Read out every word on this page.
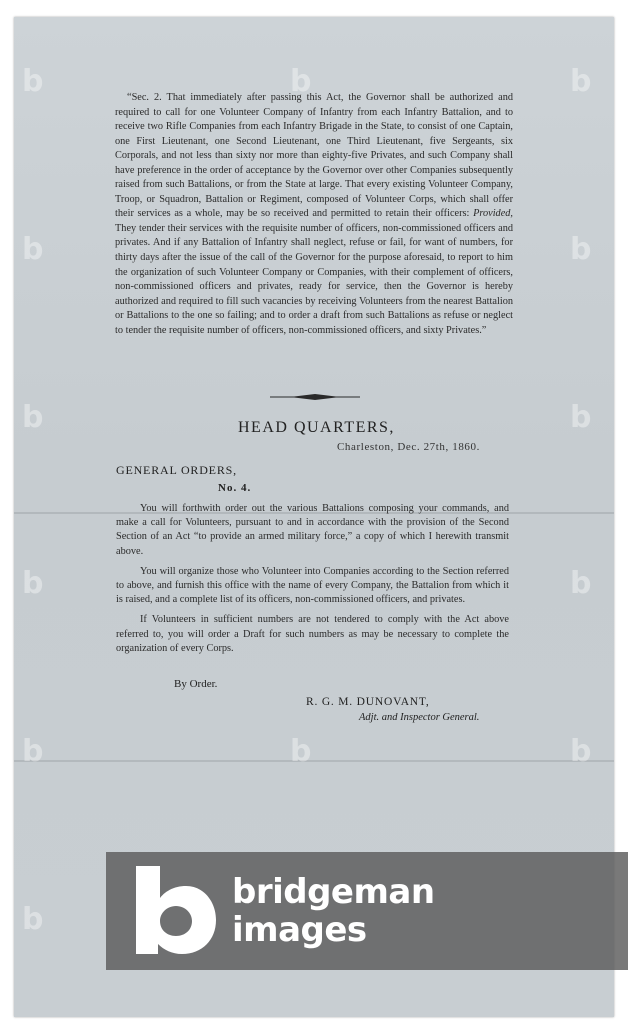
b	b	b
b	b
b	b
b	b
b	b	b
b
“Sec. 2. That immediately after passing this Act, the Governor shall be authorized and required to call for one Volunteer Company of Infantry from each Infantry Battalion, and to receive two Rifle Companies from each Infantry Brigade in the State, to consist of one Captain, one First Lieutenant, one Second Lieutenant, one Third Lieutenant, five Sergeants, six Corporals, and not less than sixty nor more than eighty-five Privates, and such Company shall have preference in the order of acceptance by the Governor over other Companies subsequently raised from such Battalions, or from the State at large. That every existing Volunteer Company, Troop, or Squadron, Battalion or Regiment, composed of Volunteer Corps, which shall offer their services as a whole, may be so received and permitted to retain their officers: Provided, They tender their services with the requisite number of officers, non-commissioned officers and privates. And if any Battalion of Infantry shall neglect, refuse or fail, for want of numbers, for thirty days after the issue of the call of the Governor for the purpose aforesaid, to report to him the organization of such Volunteer Company or Companies, with their complement of officers, non-commissioned officers and privates, ready for service, then the Governor is hereby authorized and required to fill such vacancies by receiving Volunteers from the nearest Battalion or Battalions to the one so failing; and to order a draft from such Battalions as refuse or neglect to tender the requisite number of officers, non-commissioned officers, and sixty Privates.”
HEAD QUARTERS,
Charleston, Dec. 27th, 1860.
GENERAL ORDERS,
No. 4.

You will forthwith order out the various Battalions composing your commands, and make a call for Volunteers, pursuant to and in accordance with the provision of the Second Section of an Act “to provide an armed military force,” a copy of which I herewith transmit above.

You will organize those who Volunteer into Companies according to the Section referred to above, and furnish this office with the name of every Company, the Battalion from which it is raised, and a complete list of its officers, non-commissioned officers, and privates.

If Volunteers in sufficient numbers are not tendered to comply with the Act above referred to, you will order a Draft for such numbers as may be necessary to complete the organization of every Corps.

By Order.
R. G. M. DUNOVANT,
Adjt. and Inspector General.
bridgeman
images
